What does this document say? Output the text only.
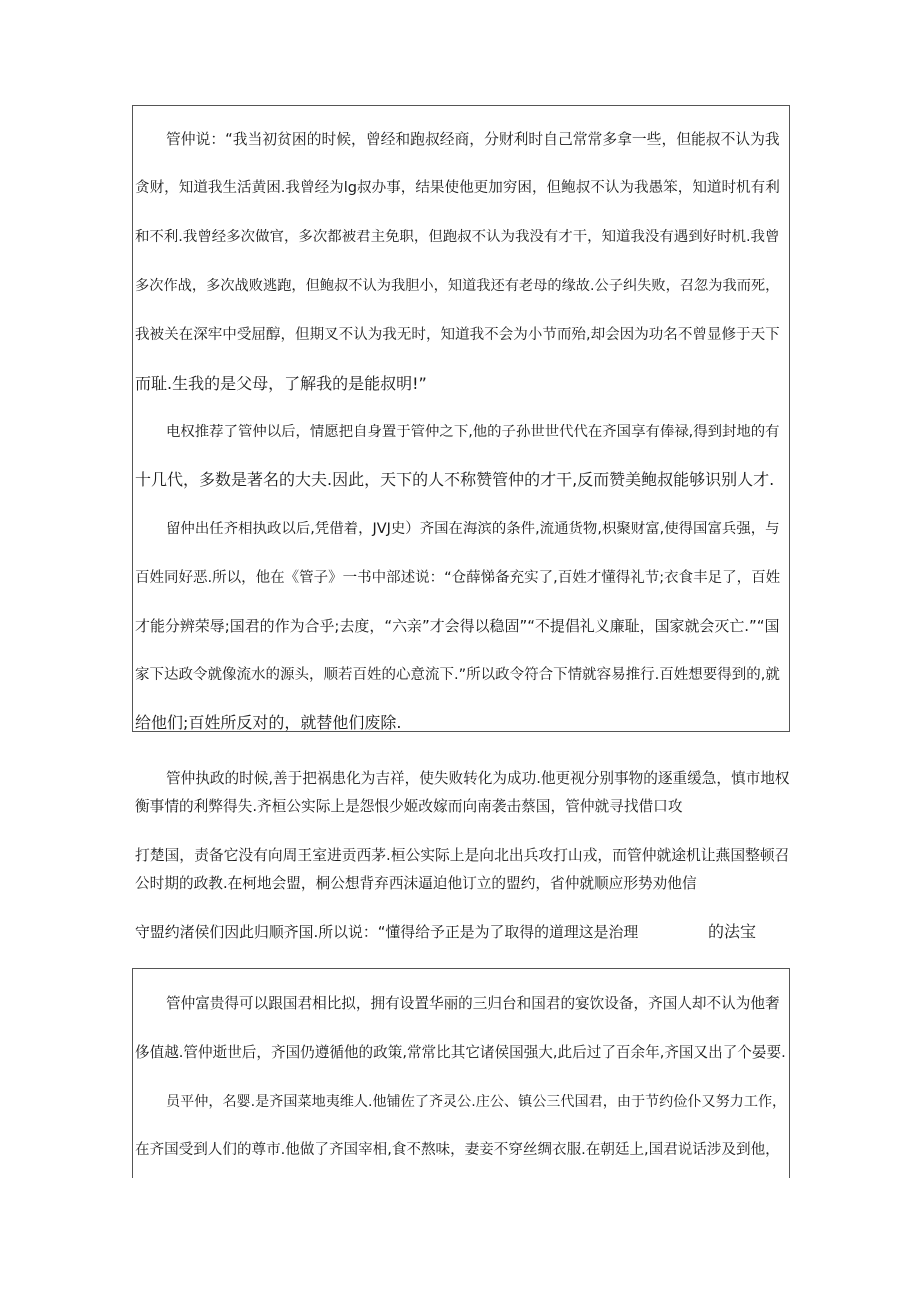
管仲说：“我当初贫困的时候，曾经和跑叔经商，分财利时自己常常多拿一些，但能叔不认为我

贪财，知道我生活黄困.我曾经为lg叔办事，结果使他更加穷困，但鲍叔不认为我愚笨，知道时机有利

和不利.我曾经多次做官，多次都被君主免职，但跑叔不认为我没有才干，知道我没有遇到好时机.我曾

多次作战，多次战败逃跑，但鲍叔不认为我胆小，知道我还有老母的缘故.公子纠失败，召忽为我而死，

我被关在深牢中受屈醇，但期叉不认为我无时，知道我不会为小节而殆,却会因为功名不曾显修于天下

而耻.生我的是父母，了解我的是能叔明!”

电权推荐了管仲以后，情愿把自身置于管仲之下,他的子孙世世代代在齐国享有俸禄,得到封地的有

十几代，多数是著名的大夫.因此，天下的人不称赞管仲的才干,反而赞美鲍叔能够识别人才.

留仲出任齐相执政以后,凭借着，JVJ史）齐国在海滨的条件,流通货物,枳聚财富,使得国富兵强，与

百姓同好恶.所以，他在《管子》一书中部述说：“仓薛悌备充实了,百姓才懂得礼节;衣食丰足了，百姓

才能分辨荣辱;国君的作为合乎;去度，“六亲”才会得以稳固”“不提倡礼义廉耻，国家就会灭亡.”“国

家下达政令就像流水的源头，顺若百姓的心意流下.”所以政令符合下情就容易推行.百姓想要得到的,就

给他们;百姓所反对的，就替他们废除.

管仲执政的时候,善于把祸患化为吉祥，使失败转化为成功.他更视分别事物的逐重缓急，慎市地权

衡事情的利弊得失.齐桓公实际上是怨恨少姬改嫁而向南袭击蔡国，管仲就寻找借口攻

打楚国，责备它没有向周王室进贡西茅.桓公实际上是向北出兵攻打山戎，而管仲就途机让燕国整顿召

公时期的政教.在柯地会盟，桐公想背弃西沫逼迫他订立的盟约，省仲就顺应形势劝他信

守盟约渚侯们因此归顺齐国.所以说：“懂得给予正是为了取得的道理这是治理	的法宝

管仲富贵得可以跟国君相比拟，拥有设置华丽的三归台和国君的宴饮设备，齐国人却不认为他奢

侈值越.管仲逝世后，齐国仍遵循他的政策,常常比其它诸侯国强大,此后过了百余年,齐国又出了个晏要.

员平仲，名婴.是齐国菜地夷维人.他铺佐了齐灵公.庄公、镇公三代国君，由于节约俭仆又努力工作，

在齐国受到人们的尊市.他做了齐国宰相,食不熬味，妻妾不穿丝绸衣服.在朝廷上,国君说话涉及到他，
